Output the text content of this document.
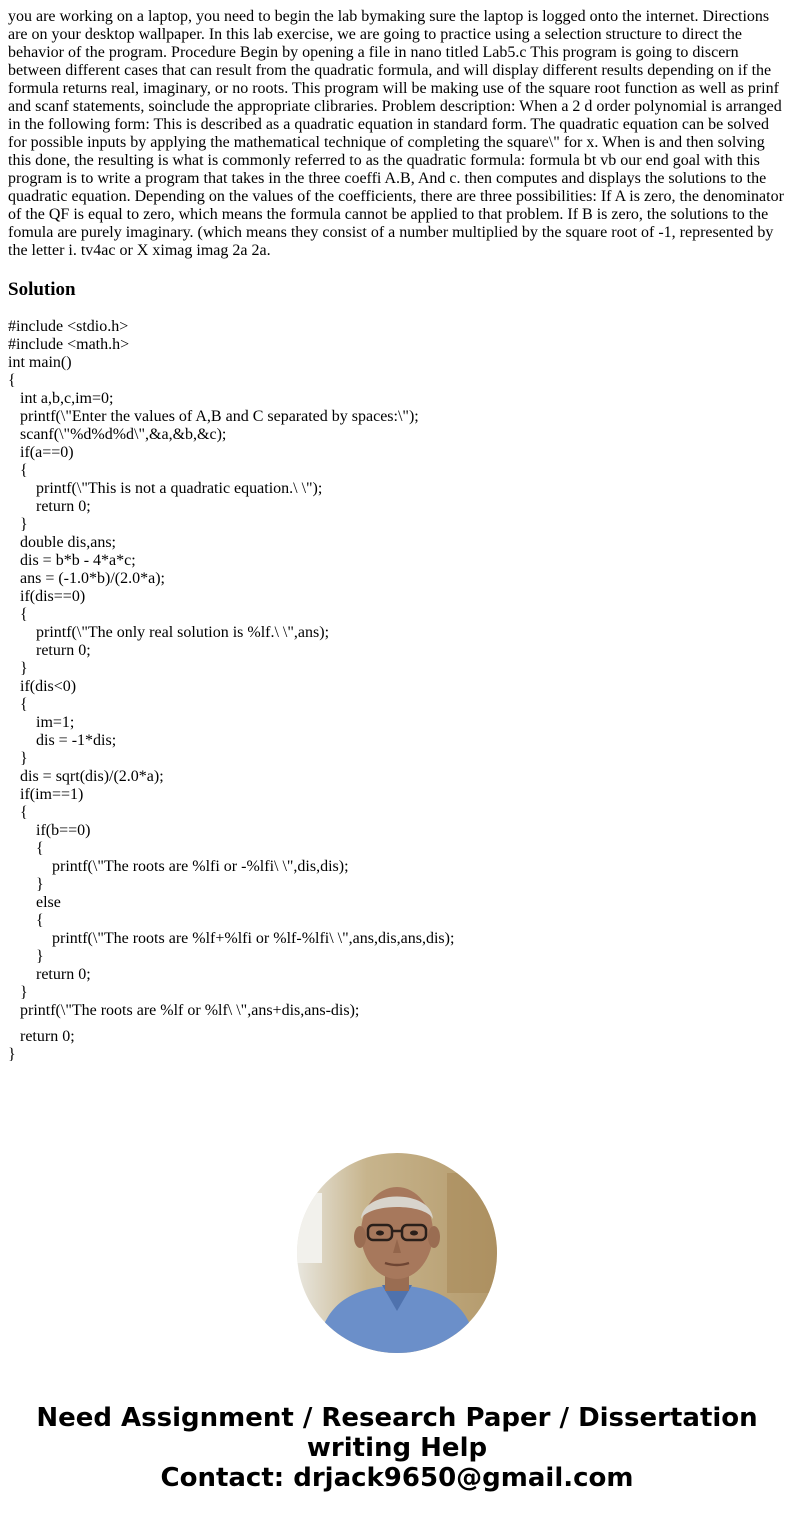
you are working on a laptop, you need to begin the lab bymaking sure the laptop is logged onto the internet. Directions are on your desktop wallpaper. In this lab exercise, we are going to practice using a selection structure to direct the behavior of the program. Procedure Begin by opening a file in nano titled Lab5.c This program is going to discern between different cases that can result from the quadratic formula, and will display different results depending on if the formula returns real, imaginary, or no roots. This program will be making use of the square root function as well as prinf and scanf statements, soinclude the appropriate clibraries. Problem description: When a 2 d order polynomial is arranged in the following form: This is described as a quadratic equation in standard form. The quadratic equation can be solved for possible inputs by applying the mathematical technique of completing the square\" for x. When is and then solving this done, the resulting is what is commonly referred to as the quadratic formula: formula bt vb our end goal with this program is to write a program that takes in the three coeffi A.B, And c. then computes and displays the solutions to the quadratic equation. Depending on the values of the coefficients, there are three possibilities: If A is zero, the denominator of the QF is equal to zero, which means the formula cannot be applied to that problem. If B is zero, the solutions to the fomula are purely imaginary. (which means they consist of a number multiplied by the square root of -1, represented by the letter i. tv4ac or X ximag imag 2a 2a.

Solution
#include <stdio.h>
#include <math.h>
int main()
{
int a,b,c,im=0;
printf(\"Enter the values of A,B and C separated by spaces:\");
scanf(\"%d%d%d\",&a,&b,&c);
if(a==0)
{
printf(\"This is not a quadratic equation.\ \");
return 0;
}
double dis,ans;
dis = b*b - 4*a*c;
ans = (-1.0*b)/(2.0*a);
if(dis==0)
{
printf(\"The only real solution is %lf.\ \",ans);
return 0;
}
if(dis<0)
{
im=1;
dis = -1*dis;
}
dis = sqrt(dis)/(2.0*a);
if(im==1)
{
if(b==0)
{
printf(\"The roots are %lfi or -%lfi\ \",dis,dis);
}
else
{
printf(\"The roots are %lf+%lfi or %lf-%lfi\ \",ans,dis,ans,dis);
}
return 0;
}
printf(\"The roots are %lf or %lf\ \",ans+dis,ans-dis);
return 0;
}
Need Assignment / Research Paper / Dissertation
writing Help
Contact: drjack9650@gmail.com
